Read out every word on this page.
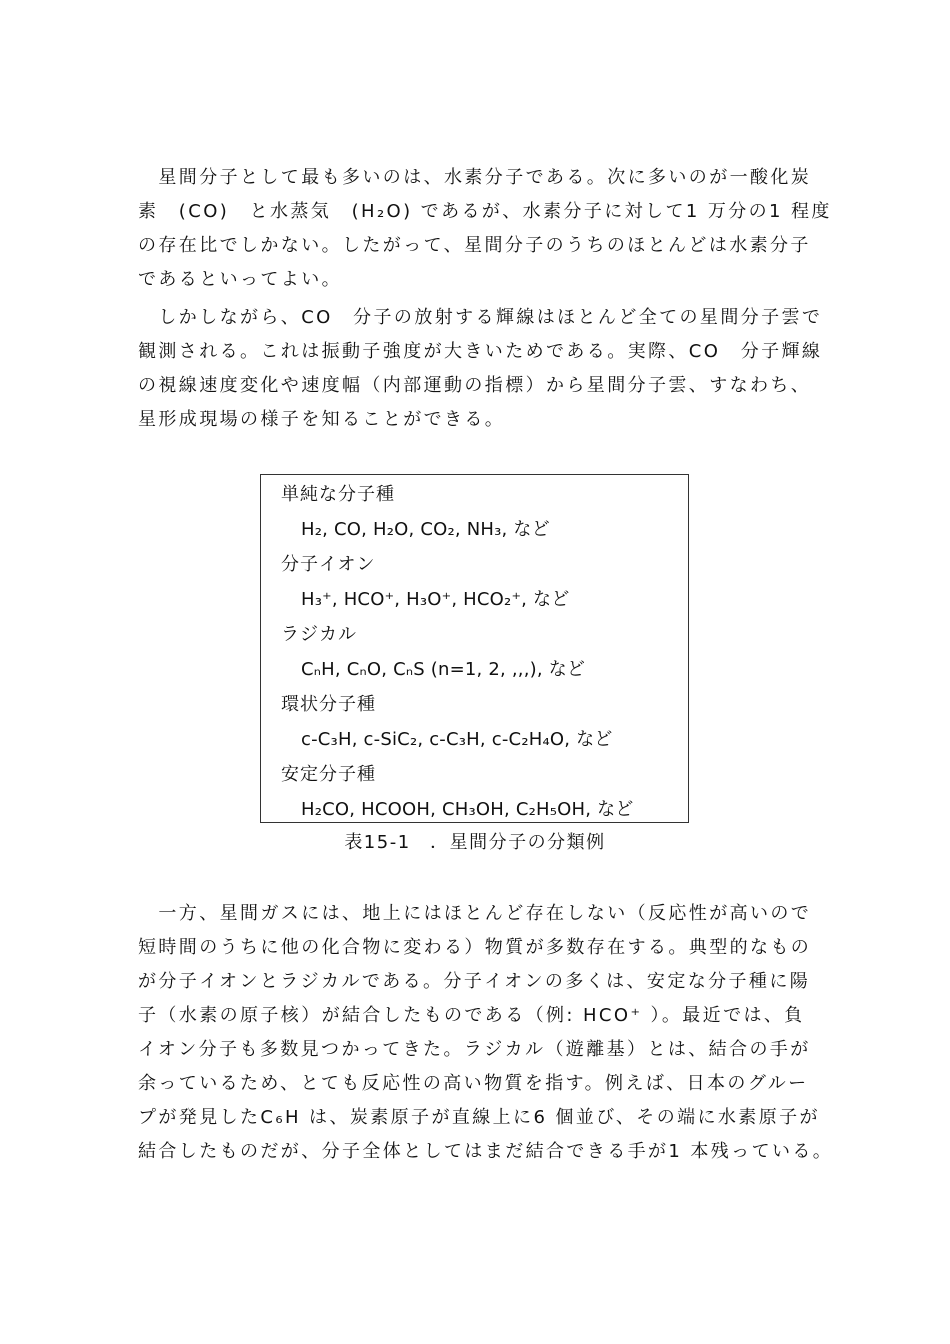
　星間分子として最も多いのは、水素分子である。次に多いのが一酸化炭
素　(CO)　と水蒸気　(H₂O) であるが、水素分子に対して1 万分の1 程度
の存在比でしかない。したがって、星間分子のうちのほとんどは水素分子
であるといってよい。

　しかしながら、CO　分子の放射する輝線はほとんど全ての星間分子雲で
観測される。これは振動子強度が大きいためである。実際、CO　分子輝線
の視線速度変化や速度幅（内部運動の指標）から星間分子雲、すなわち、
星形成現場の様子を知ることができる。

単純な分子種
H₂, CO, H₂O, CO₂, NH₃, など
分子イオン
H₃⁺, HCO⁺, H₃O⁺, HCO₂⁺, など
ラジカル
CₙH, CₙO, CₙS (n=1, 2, ,,,), など
環状分子種
c-C₃H, c-SiC₂, c-C₃H, c-C₂H₄O, など
安定分子種
H₂CO, HCOOH, CH₃OH, C₂H₅OH, など
表15-1　．星間分子の分類例

　一方、星間ガスには、地上にはほとんど存在しない（反応性が高いので
短時間のうちに他の化合物に変わる）物質が多数存在する。典型的なもの
が分子イオンとラジカルである。分子イオンの多くは、安定な分子種に陽
子（水素の原子核）が結合したものである（例: HCO⁺ ）。最近では、負
イオン分子も多数見つかってきた。ラジカル（遊離基）とは、結合の手が
余っているため、とても反応性の高い物質を指す。例えば、日本のグルー
プが発見したC₆H は、炭素原子が直線上に6 個並び、その端に水素原子が
結合したものだが、分子全体としてはまだ結合できる手が1 本残っている。
